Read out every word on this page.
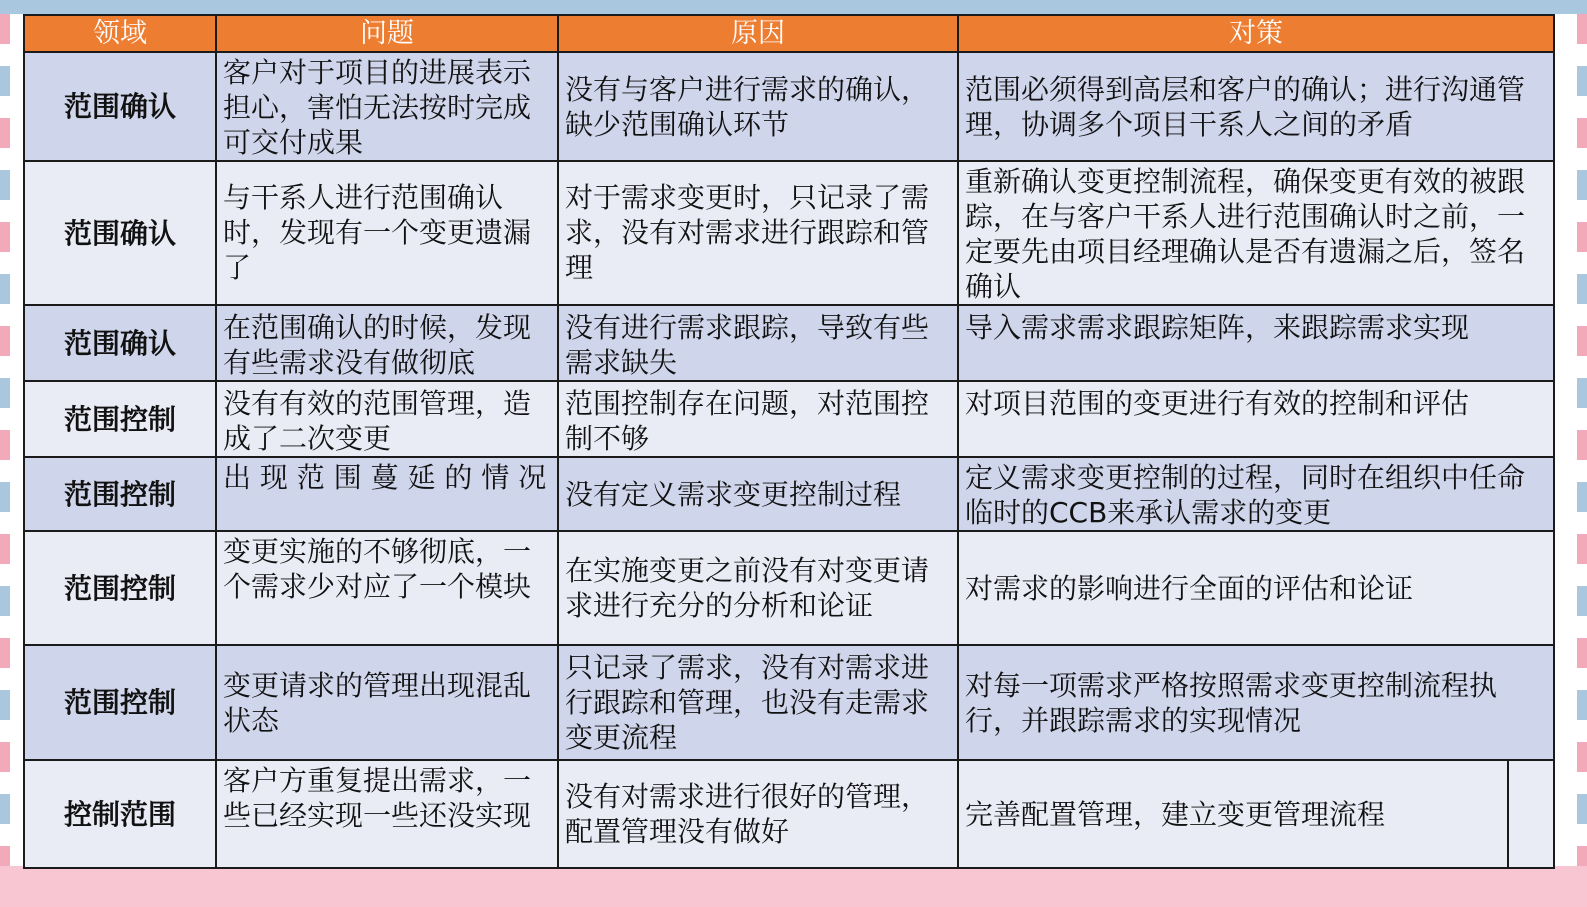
领域	问题	原因	对策
范围确认	客户对于项目的进展表示担心，害怕无法按时完成可交付成果	没有与客户进行需求的确认，缺少范围确认环节	范围必须得到高层和客户的确认；进行沟通管理，协调多个项目干系人之间的矛盾
范围确认	与干系人进行范围确认时，发现有一个变更遗漏了	对于需求变更时，只记录了需求，没有对需求进行跟踪和管理	重新确认变更控制流程，确保变更有效的被跟踪，在与客户干系人进行范围确认时之前，一定要先由项目经理确认是否有遗漏之后，签名确认
范围确认	在范围确认的时候，发现有些需求没有做彻底	没有进行需求跟踪，导致有些需求缺失	导入需求需求跟踪矩阵，来跟踪需求实现
范围控制	没有有效的范围管理，造成了二次变更	范围控制存在问题，对范围控制不够	对项目范围的变更进行有效的控制和评估
范围控制	出 现 范 围 蔓 延 的 情 况	没有定义需求变更控制过程	定义需求变更控制的过程，同时在组织中任命临时的CCB来承认需求的变更
范围控制	变更实施的不够彻底，一个需求少对应了一个模块	在实施变更之前没有对变更请求进行充分的分析和论证	对需求的影响进行全面的评估和论证
范围控制	变更请求的管理出现混乱状态	只记录了需求，没有对需求进行跟踪和管理，也没有走需求变更流程	对每一项需求严格按照需求变更控制流程执行，并跟踪需求的实现情况
控制范围	客户方重复提出需求，一些已经实现一些还没实现	没有对需求进行很好的管理，配置管理没有做好	完善配置管理，建立变更管理流程
